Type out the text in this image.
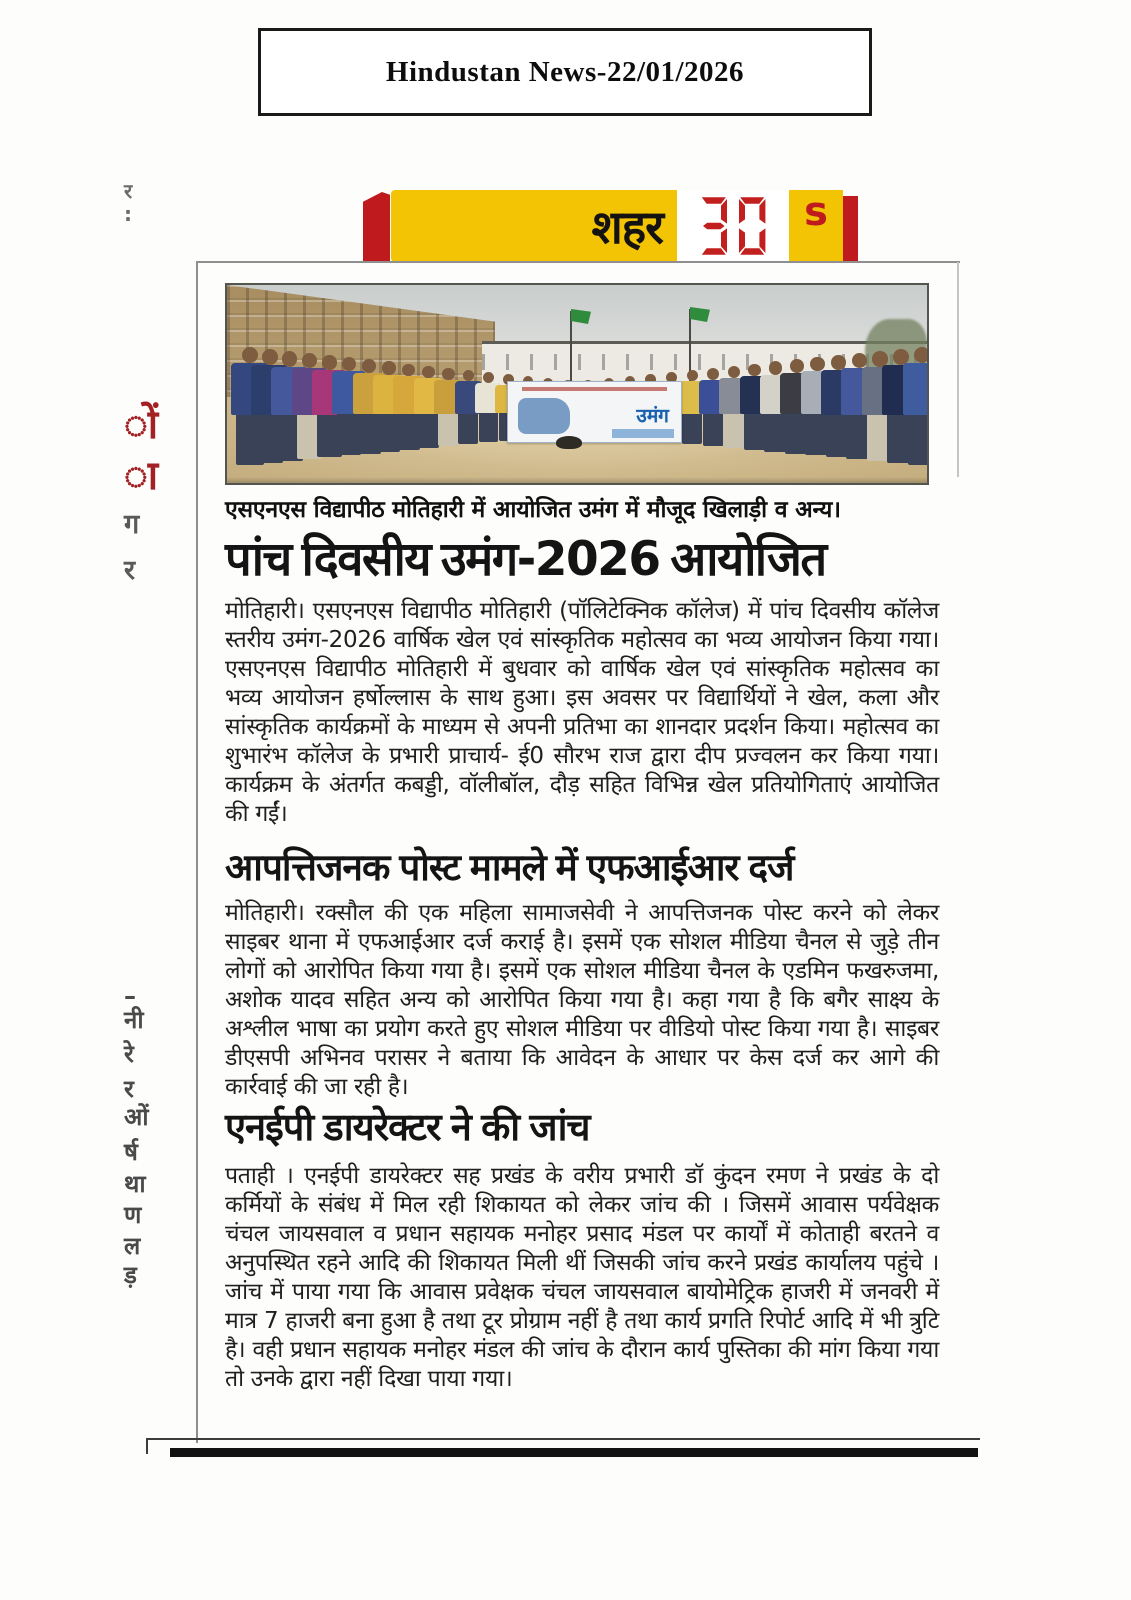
Hindustan News-22/01/2026
र
:
ों
ा
ग
र
–
नी
रे
र
ओं
र्ष
था
ण
ल
ड़
शहर	s
उमंग

एसएनएस विद्यापीठ मोतिहारी में आयोजित उमंग में मौजूद खिलाड़ी व अन्य।

पांच दिवसीय उमंग-2026 आयोजित

मोतिहारी। एसएनएस विद्यापीठ मोतिहारी (पॉलिटेक्निक कॉलेज) में पांच दिवसीय कॉलेज स्तरीय उमंग-2026 वार्षिक खेल एवं सांस्कृतिक महोत्सव का भव्य आयोजन किया गया। एसएनएस विद्यापीठ मोतिहारी में बुधवार को वार्षिक खेल एवं सांस्कृतिक महोत्सव का भव्य आयोजन हर्षोल्लास के साथ हुआ। इस अवसर पर विद्यार्थियों ने खेल, कला और सांस्कृतिक कार्यक्रमों के माध्यम से अपनी प्रतिभा का शानदार प्रदर्शन किया। महोत्सव का शुभारंभ कॉलेज के प्रभारी प्राचार्य- ई0 सौरभ राज द्वारा दीप प्रज्वलन कर किया गया। कार्यक्रम के अंतर्गत कबड्डी, वॉलीबॉल, दौड़ सहित विभिन्न खेल प्रतियोगिताएं आयोजित की गईं।

आपत्तिजनक पोस्ट मामले में एफआईआर दर्ज

मोतिहारी। रक्सौल की एक महिला सामाजसेवी ने आपत्तिजनक पोस्ट करने को लेकर साइबर थाना में एफआईआर दर्ज कराई है। इसमें एक सोशल मीडिया चैनल से जुड़े तीन लोगों को आरोपित किया गया है। इसमें एक सोशल मीडिया चैनल के एडमिन फखरुजमा, अशोक यादव सहित अन्य को आरोपित किया गया है। कहा गया है कि बगैर साक्ष्य के अश्लील भाषा का प्रयोग करते हुए सोशल मीडिया पर वीडियो पोस्ट किया गया है। साइबर डीएसपी अभिनव परासर ने बताया कि आवेदन के आधार पर केस दर्ज कर आगे की कार्रवाई की जा रही है।

एनईपी डायरेक्टर ने की जांच

पताही । एनईपी डायरेक्टर सह प्रखंड के वरीय प्रभारी डॉ कुंदन रमण ने प्रखंड के दो कर्मियों के संबंध में मिल रही शिकायत को लेकर जांच की । जिसमें आवास पर्यवेक्षक चंचल जायसवाल व प्रधान सहायक मनोहर प्रसाद मंडल पर कार्यों में कोताही बरतने व अनुपस्थित रहने आदि की शिकायत मिली थीं जिसकी जांच करने प्रखंड कार्यालय पहुंचे । जांच में पाया गया कि आवास प्रवेक्षक चंचल जायसवाल बायोमेट्रिक हाजरी में जनवरी में मात्र 7 हाजरी बना हुआ है तथा टूर प्रोग्राम नहीं है तथा कार्य प्रगति रिपोर्ट आदि में भी त्रुटि है। वही प्रधान सहायक मनोहर मंडल की जांच के दौरान कार्य पुस्तिका की मांग किया गया तो उनके द्वारा नहीं दिखा पाया गया।
